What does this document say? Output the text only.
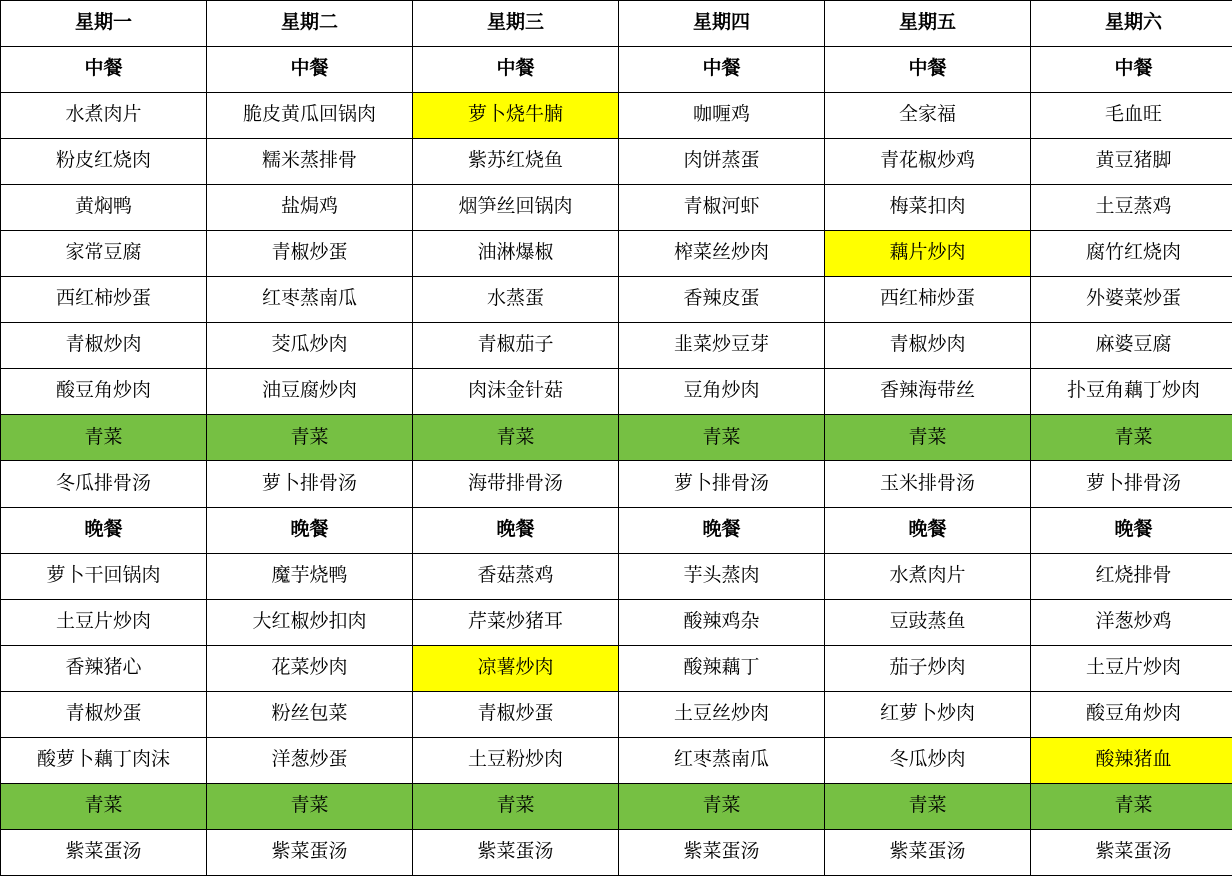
星期一	星期二	星期三	星期四	星期五	星期六

中餐	中餐	中餐	中餐	中餐	中餐

水煮肉片	脆皮黄瓜回锅肉	萝卜烧牛腩	咖喱鸡	全家福	毛血旺

粉皮红烧肉	糯米蒸排骨	紫苏红烧鱼	肉饼蒸蛋	青花椒炒鸡	黄豆猪脚

黄焖鸭	盐焗鸡	烟笋丝回锅肉	青椒河虾	梅菜扣肉	土豆蒸鸡

家常豆腐	青椒炒蛋	油淋爆椒	榨菜丝炒肉	藕片炒肉	腐竹红烧肉

西红柿炒蛋	红枣蒸南瓜	水蒸蛋	香辣皮蛋	西红柿炒蛋	外婆菜炒蛋

青椒炒肉	茭瓜炒肉	青椒茄子	韭菜炒豆芽	青椒炒肉	麻婆豆腐

酸豆角炒肉	油豆腐炒肉	肉沫金针菇	豆角炒肉	香辣海带丝	扑豆角藕丁炒肉

青菜	青菜	青菜	青菜	青菜	青菜

冬瓜排骨汤	萝卜排骨汤	海带排骨汤	萝卜排骨汤	玉米排骨汤	萝卜排骨汤

晚餐	晚餐	晚餐	晚餐	晚餐	晚餐

萝卜干回锅肉	魔芋烧鸭	香菇蒸鸡	芋头蒸肉	水煮肉片	红烧排骨

土豆片炒肉	大红椒炒扣肉	芹菜炒猪耳	酸辣鸡杂	豆豉蒸鱼	洋葱炒鸡

香辣猪心	花菜炒肉	凉薯炒肉	酸辣藕丁	茄子炒肉	土豆片炒肉

青椒炒蛋	粉丝包菜	青椒炒蛋	土豆丝炒肉	红萝卜炒肉	酸豆角炒肉

酸萝卜藕丁肉沫	洋葱炒蛋	土豆粉炒肉	红枣蒸南瓜	冬瓜炒肉	酸辣猪血

青菜	青菜	青菜	青菜	青菜	青菜

紫菜蛋汤	紫菜蛋汤	紫菜蛋汤	紫菜蛋汤	紫菜蛋汤	紫菜蛋汤
